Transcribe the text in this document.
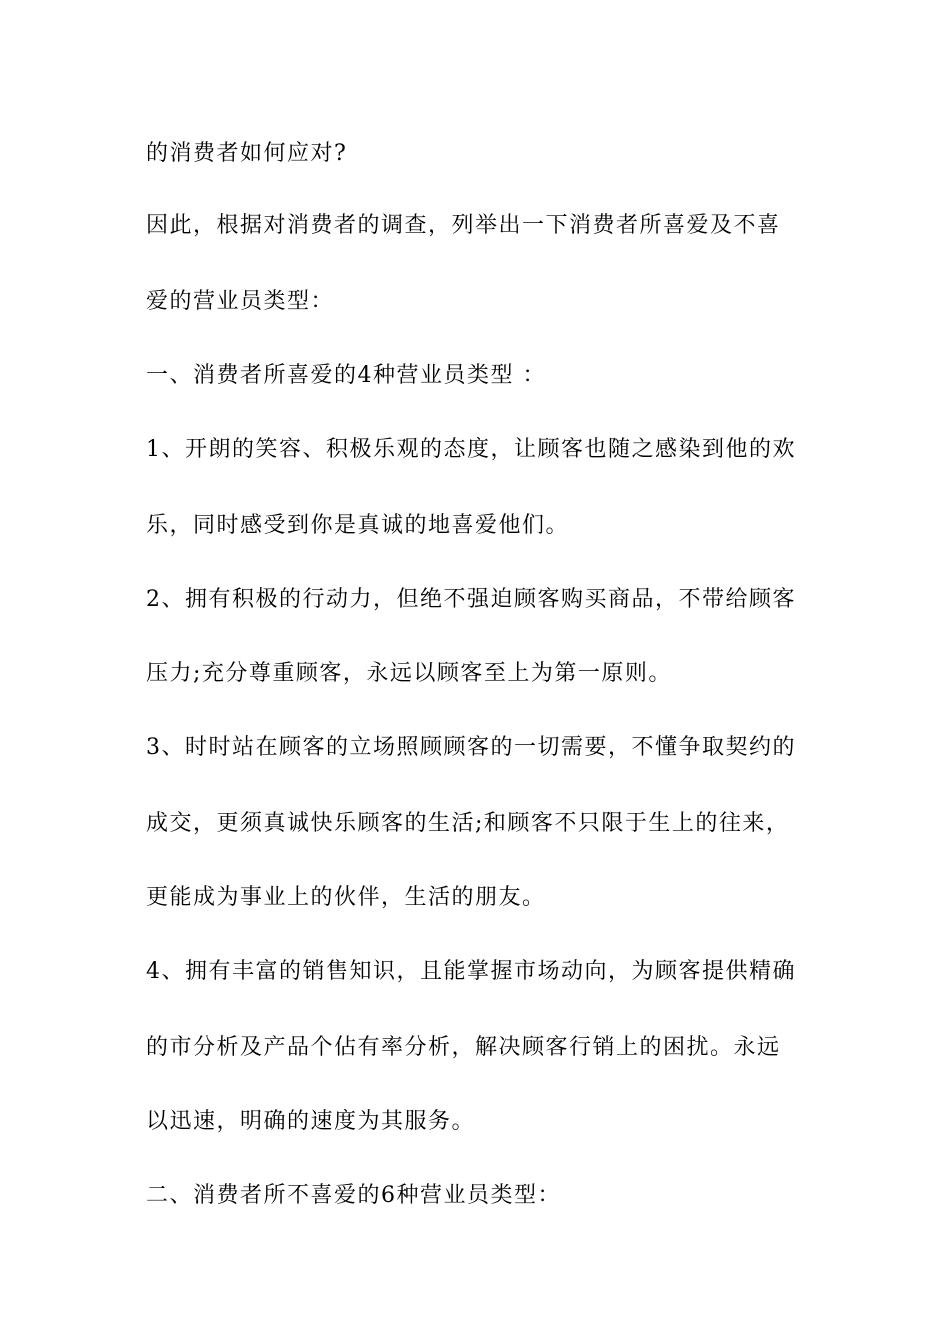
的消费者如何应对?
因此，根据对消费者的调查，列举出一下消费者所喜爱及不喜
爱的营业员类型：
一、消费者所喜爱的4种营业员类型 ：
1、开朗的笑容、积极乐观的态度，让顾客也随之感染到他的欢
乐，同时感受到你是真诚的地喜爱他们。
2、拥有积极的行动力，但绝不强迫顾客购买商品，不带给顾客
压力;充分尊重顾客，永远以顾客至上为第一原则。
3、时时站在顾客的立场照顾顾客的一切需要，不懂争取契约的
成交，更须真诚快乐顾客的生活;和顾客不只限于生上的往来，
更能成为事业上的伙伴，生活的朋友。
4、拥有丰富的销售知识，且能掌握市场动向，为顾客提供精确
的市分析及产品个佔有率分析，解决顾客行销上的困扰。永远
以迅速，明确的速度为其服务。
二、消费者所不喜爱的6种营业员类型：
